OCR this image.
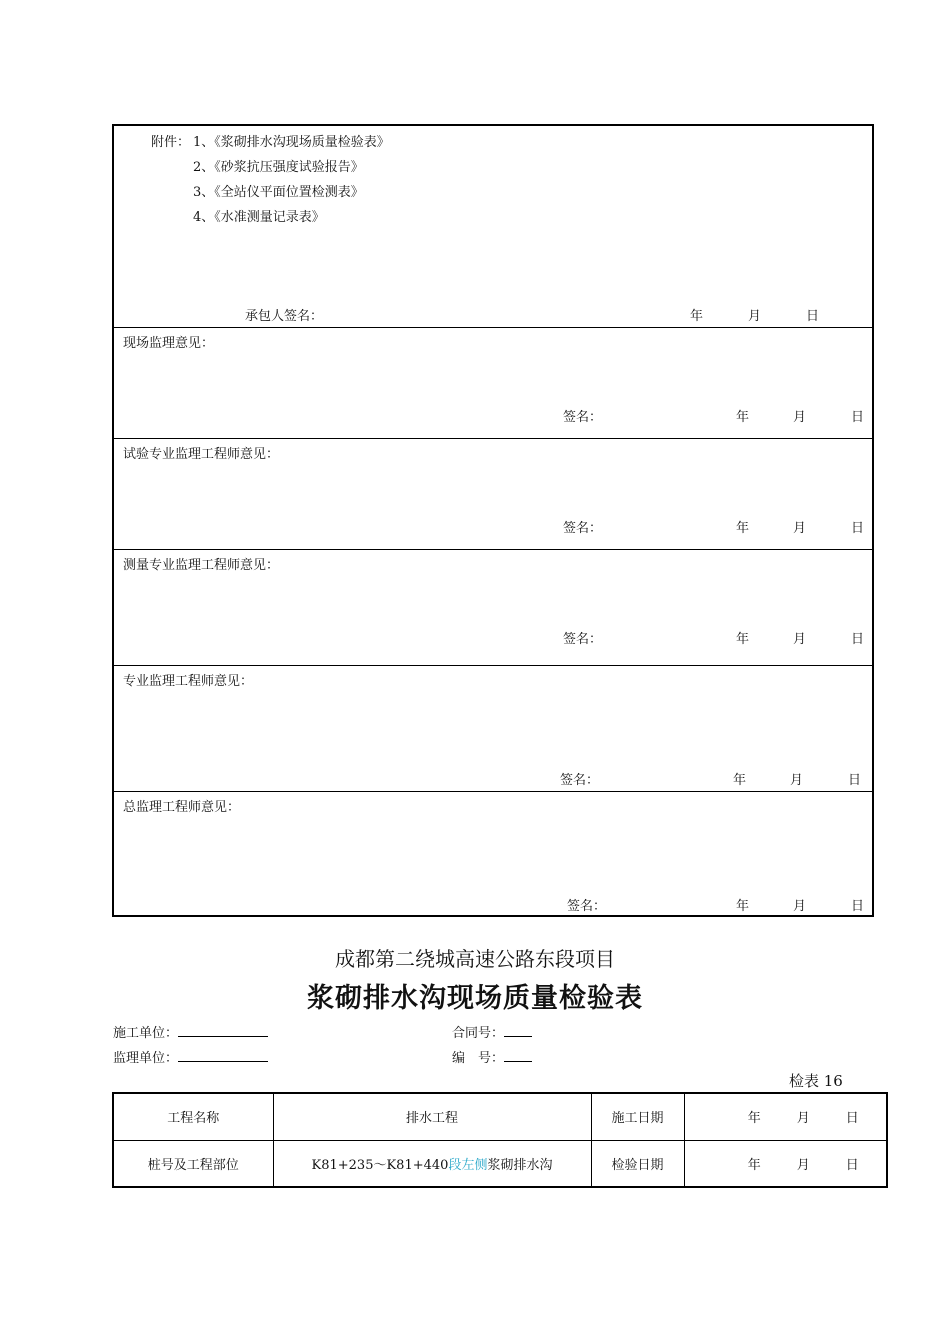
附件： 1、《浆砌排水沟现场质量检验表》
2、《砂浆抗压强度试验报告》
3、《全站仪平面位置检测表》
4、《水准测量记录表》
承包人签名：	年	月	日
现场监理意见：
签名：	年	月	日
试验专业监理工程师意见：
签名：	年	月	日
测量专业监理工程师意见：
签名：	年	月	日
专业监理工程师意见：
签名：	年	月	日
总监理工程师意见：
签名：	年	月	日
成都第二绕城高速公路东段项目
浆砌排水沟现场质量检验表
施工单位：
监理单位：
合同号：
编　号：
检表 16
工程名称	排水工程	施工日期	年 月 日
桩号及工程部位	K81+235～K81+440段左侧浆砌排水沟	检验日期	年 月 日
